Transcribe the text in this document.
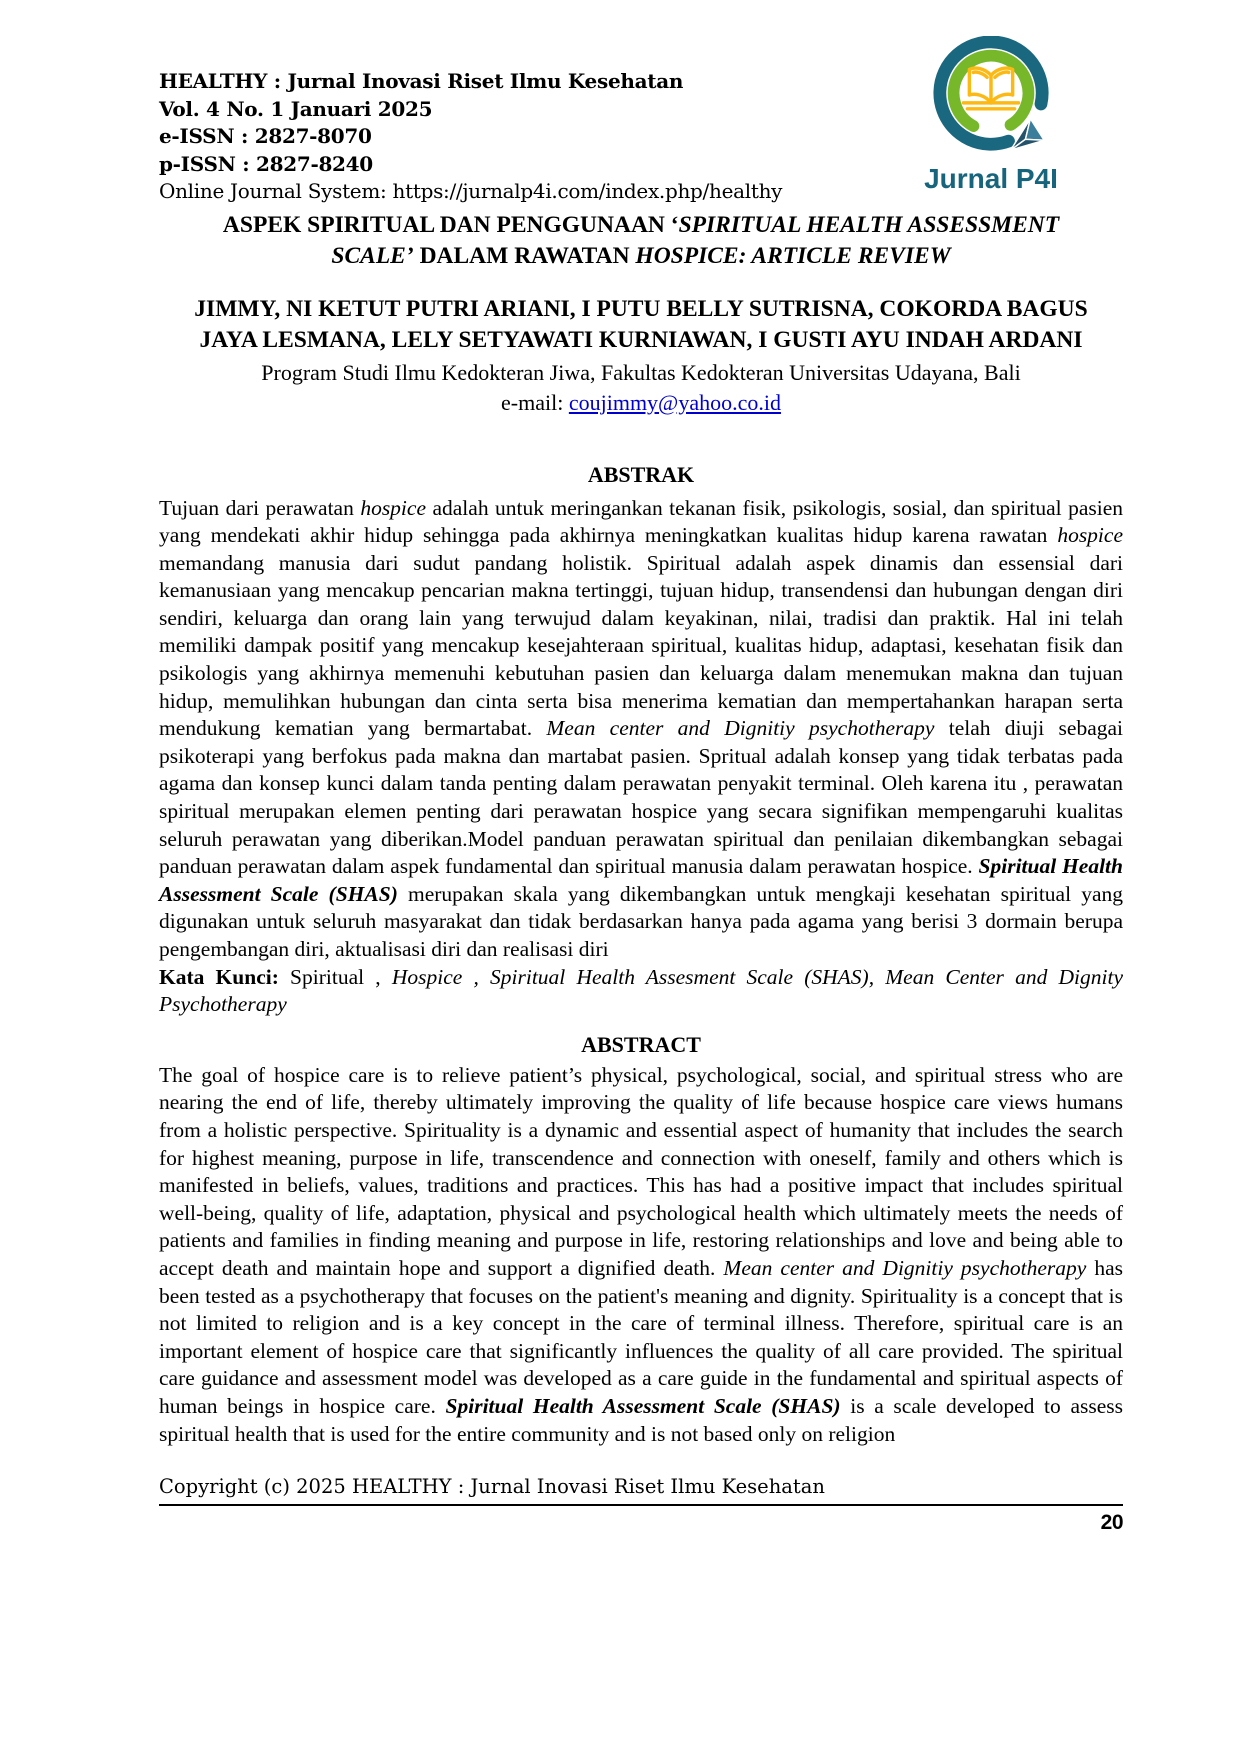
HEALTHY : Jurnal Inovasi Riset Ilmu Kesehatan
Vol. 4 No. 1 Januari 2025
e-ISSN : 2827-8070
p-ISSN : 2827-8240
Online Journal System: https://jurnalp4i.com/index.php/healthy	Jurnal P4I
ASPEK SPIRITUAL DAN PENGGUNAAN ‘SPIRITUAL HEALTH ASSESSMENT SCALE’ DALAM RAWATAN HOSPICE: ARTICLE REVIEW
JIMMY, NI KETUT PUTRI ARIANI, I PUTU BELLY SUTRISNA, COKORDA BAGUS JAYA LESMANA, LELY SETYAWATI KURNIAWAN, I GUSTI AYU INDAH ARDANI
Program Studi Ilmu Kedokteran Jiwa, Fakultas Kedokteran Universitas Udayana, Bali
e-mail: coujimmy@yahoo.co.id
ABSTRAK
Tujuan dari perawatan hospice adalah untuk meringankan tekanan fisik, psikologis, sosial, dan spiritual pasien yang mendekati akhir hidup sehingga pada akhirnya meningkatkan kualitas hidup karena rawatan hospice memandang manusia dari sudut pandang holistik. Spiritual adalah aspek dinamis dan essensial dari kemanusiaan yang mencakup pencarian makna tertinggi, tujuan hidup, transendensi dan hubungan dengan diri sendiri, keluarga dan orang lain yang terwujud dalam keyakinan, nilai, tradisi dan praktik. Hal ini telah memiliki dampak positif yang mencakup kesejahteraan spiritual, kualitas hidup, adaptasi, kesehatan fisik dan psikologis yang akhirnya memenuhi kebutuhan pasien dan keluarga dalam menemukan makna dan tujuan hidup, memulihkan hubungan dan cinta serta bisa menerima kematian dan mempertahankan harapan serta mendukung kematian yang bermartabat. Mean center and Dignitiy psychotherapy telah diuji sebagai psikoterapi yang berfokus pada makna dan martabat pasien. Spritual adalah konsep yang tidak terbatas pada agama dan konsep kunci dalam tanda penting dalam perawatan penyakit terminal. Oleh karena itu , perawatan spiritual merupakan elemen penting dari perawatan hospice yang secara signifikan mempengaruhi kualitas seluruh perawatan yang diberikan.Model panduan perawatan spiritual dan penilaian dikembangkan sebagai panduan perawatan dalam aspek fundamental dan spiritual manusia dalam perawatan hospice. Spiritual Health Assessment Scale (SHAS) merupakan skala yang dikembangkan untuk mengkaji kesehatan spiritual yang digunakan untuk seluruh masyarakat dan tidak berdasarkan hanya pada agama yang berisi 3 dormain berupa pengembangan diri, aktualisasi diri dan realisasi diri
Kata Kunci: Spiritual , Hospice , Spiritual Health Assesment Scale (SHAS), Mean Center and Dignity Psychotherapy
ABSTRACT
The goal of hospice care is to relieve patient’s physical, psychological, social, and spiritual stress who are nearing the end of life, thereby ultimately improving the quality of life because hospice care views humans from a holistic perspective. Spirituality is a dynamic and essential aspect of humanity that includes the search for highest meaning, purpose in life, transcendence and connection with oneself, family and others which is manifested in beliefs, values, traditions and practices. This has had a positive impact that includes spiritual well-being, quality of life, adaptation, physical and psychological health which ultimately meets the needs of patients and families in finding meaning and purpose in life, restoring relationships and love and being able to accept death and maintain hope and support a dignified death. Mean center and Dignitiy psychotherapy has been tested as a psychotherapy that focuses on the patient's meaning and dignity. Spirituality is a concept that is not limited to religion and is a key concept in the care of terminal illness. Therefore, spiritual care is an important element of hospice care that significantly influences the quality of all care provided. The spiritual care guidance and assessment model was developed as a care guide in the fundamental and spiritual aspects of human beings in hospice care. Spiritual Health Assessment Scale (SHAS) is a scale developed to assess spiritual health that is used for the entire community and is not based only on religion
Copyright (c) 2025 HEALTHY : Jurnal Inovasi Riset Ilmu Kesehatan
20
